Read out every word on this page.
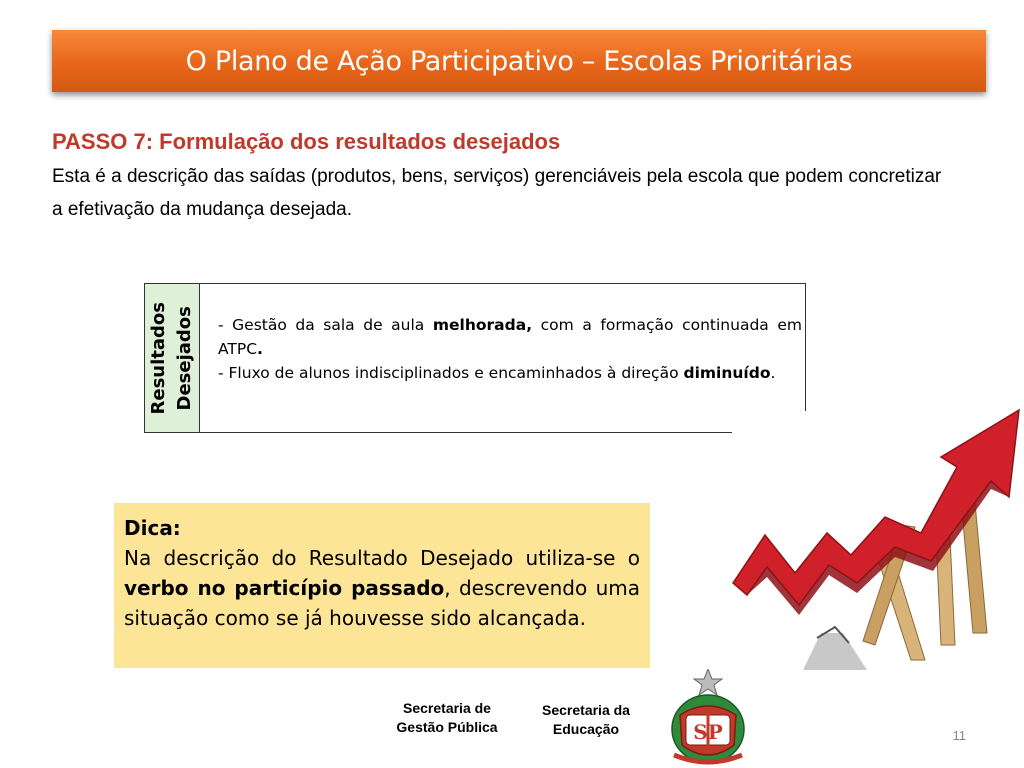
O Plano de Ação Participativo – Escolas Prioritárias
PASSO 7: Formulação dos resultados desejados
Esta é a descrição das saídas (produtos, bens, serviços) gerenciáveis pela escola que podem concretizar a efetivação da mudança desejada.
Resultados
Desejados - Gestão da sala de aula melhorada, com a formação continuada em ATPC.

- Fluxo de alunos indisciplinados e encaminhados à direção diminuído.

Dica:
Na descrição do Resultado Desejado utiliza-se o verbo no particípio passado, descrevendo uma situação como se já houvesse sido alcançada.
Secretaria de Gestão Pública
Secretaria da Educação	SP	11
